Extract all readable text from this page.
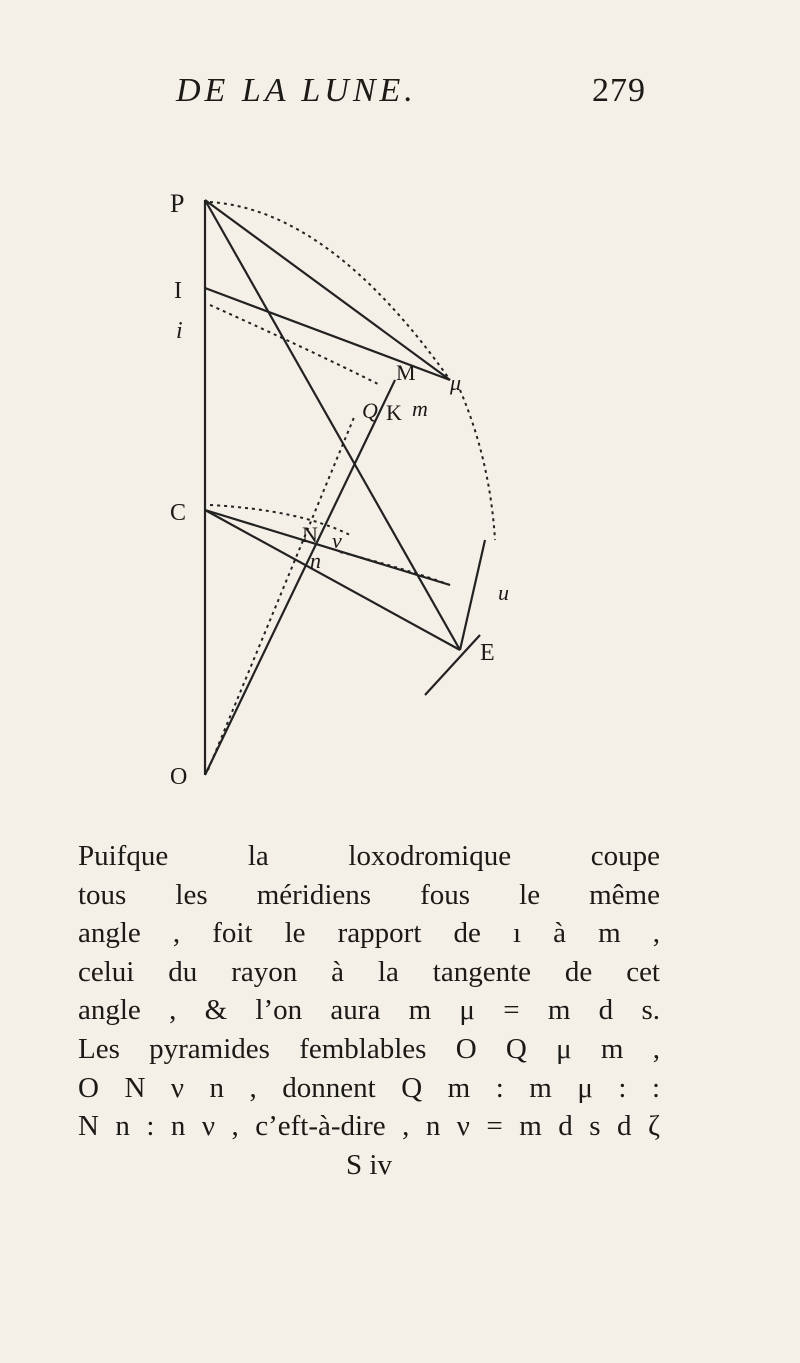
DE LA LUNE.	279
P
I
i
C
O
M μ
Q K m
N ν
n
u
E
Puifque la loxodromique coupe
tous les méridiens fous le même
angle , foit le rapport de ı à m ,
celui du rayon à la tangente de cet
angle , & l’on aura m μ = m d s.
Les pyramides femblables O Q μ m ,
O N ν n , donnent Q m : m μ : :
N n : n ν , c’eft-à-dire , n ν = m d s d ζ
S iv
